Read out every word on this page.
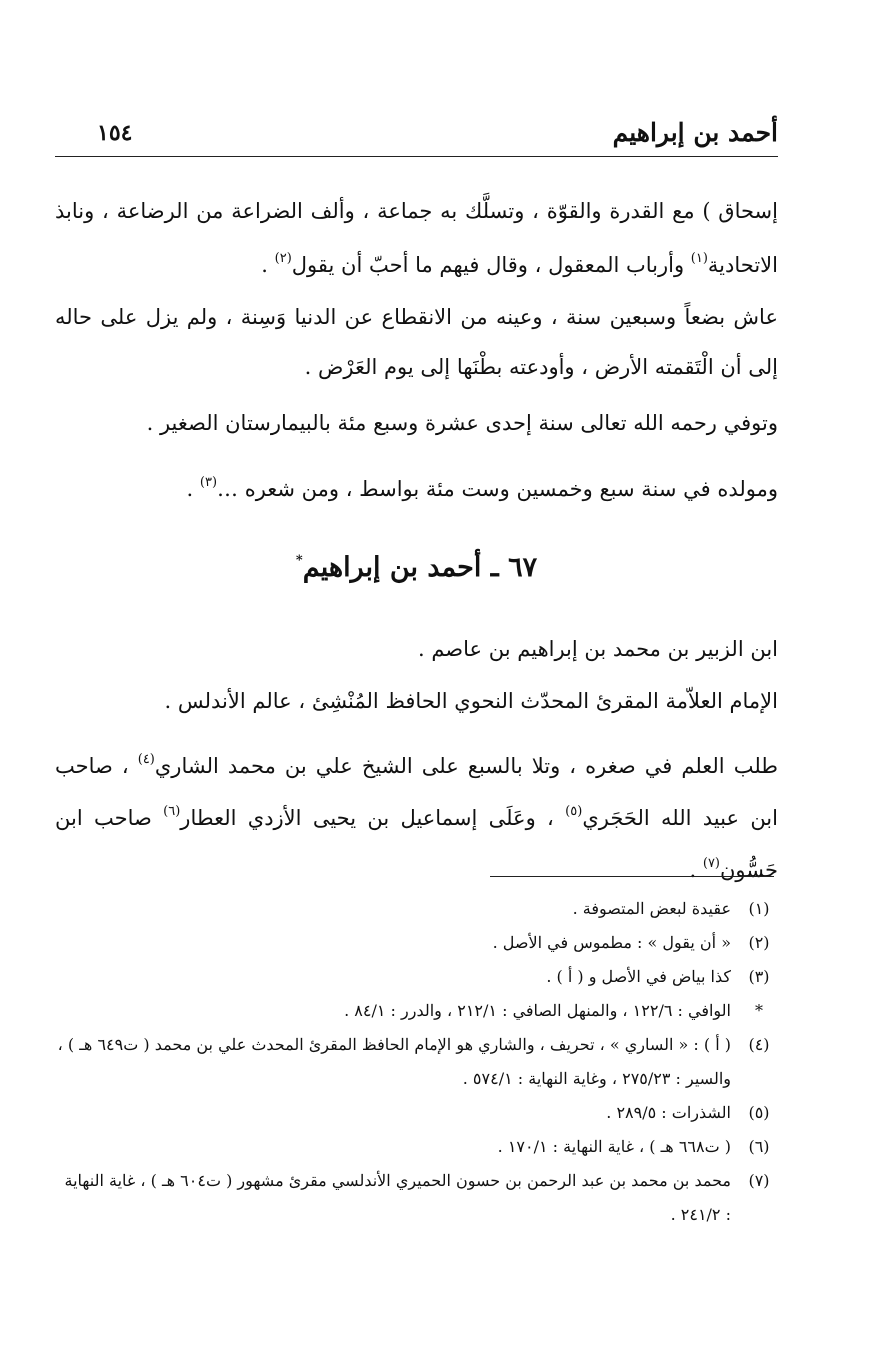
أحمد بن إبراهيم
١٥٤

إسحاق ) مع القدرة والقوّة ، وتسلَّك به جماعة ، وألف الضراعة من الرضاعة ، ونابذ الاتحادية$^{(١)}$ وأرباب المعقول ، وقال فيهم ما أحبّ أن يقول$^{(٢)}$ .

عاش بضعاً وسبعين سنة ، وعينه من الانقطاع عن الدنيا وَسِنة ، ولم يزل على حاله إلى أن الْتَقمته الأرض ، وأودعته بطْنَها إلى يوم العَرْض .

وتوفي رحمه الله تعالى سنة إحدى عشرة وسبع مئة بالبيمارستان الصغير .

ومولده في سنة سبع وخمسين وست مئة بواسط ، ومن شعره …$^{(٣)}$ .

٦٧ ـ أحمد بن إبراهيم*

ابن الزبير بن محمد بن إبراهيم بن عاصم .

الإمام العلاّمة المقرئ المحدّث النحوي الحافظ المُنْشِئ ، عالم الأندلس .

طلب العلم في صغره ، وتلا بالسبع على الشيخ علي بن محمد الشاري$^{(٤)}$ ، صاحب ابن عبيد الله الحَجَري$^{(٥)}$ ، وعَلَى إسماعيل بن يحيى الأزدي العطار$^{(٦)}$ صاحب ابن حَسُّون$^{(٧)}$ .

(١)
عقيدة لبعض المتصوفة .
(٢)
« أن يقول » : مطموس في الأصل .
(٣)
كذا بياض في الأصل و ( أ ) .
*
الوافي : ١٢٢/٦ ، والمنهل الصافي : ٢١٢/١ ، والدرر : ٨٤/١ .
(٤)
( أ ) : « الساري » ، تحريف ، والشاري هو الإمام الحافظ المقرئ المحدث علي بن محمد ( ت٦٤٩ هـ ) ، والسير : ٢٧٥/٢٣ ، وغاية النهاية : ٥٧٤/١ .
(٥)
الشذرات : ٢٨٩/٥ .
(٦)
( ت٦٦٨ هـ ) ، غاية النهاية : ١٧٠/١ .
(٧)
محمد بن محمد بن عبد الرحمن بن حسون الحميري الأندلسي مقرئ مشهور ( ت٦٠٤ هـ ) ، غاية النهاية : ٢٤١/٢ .
